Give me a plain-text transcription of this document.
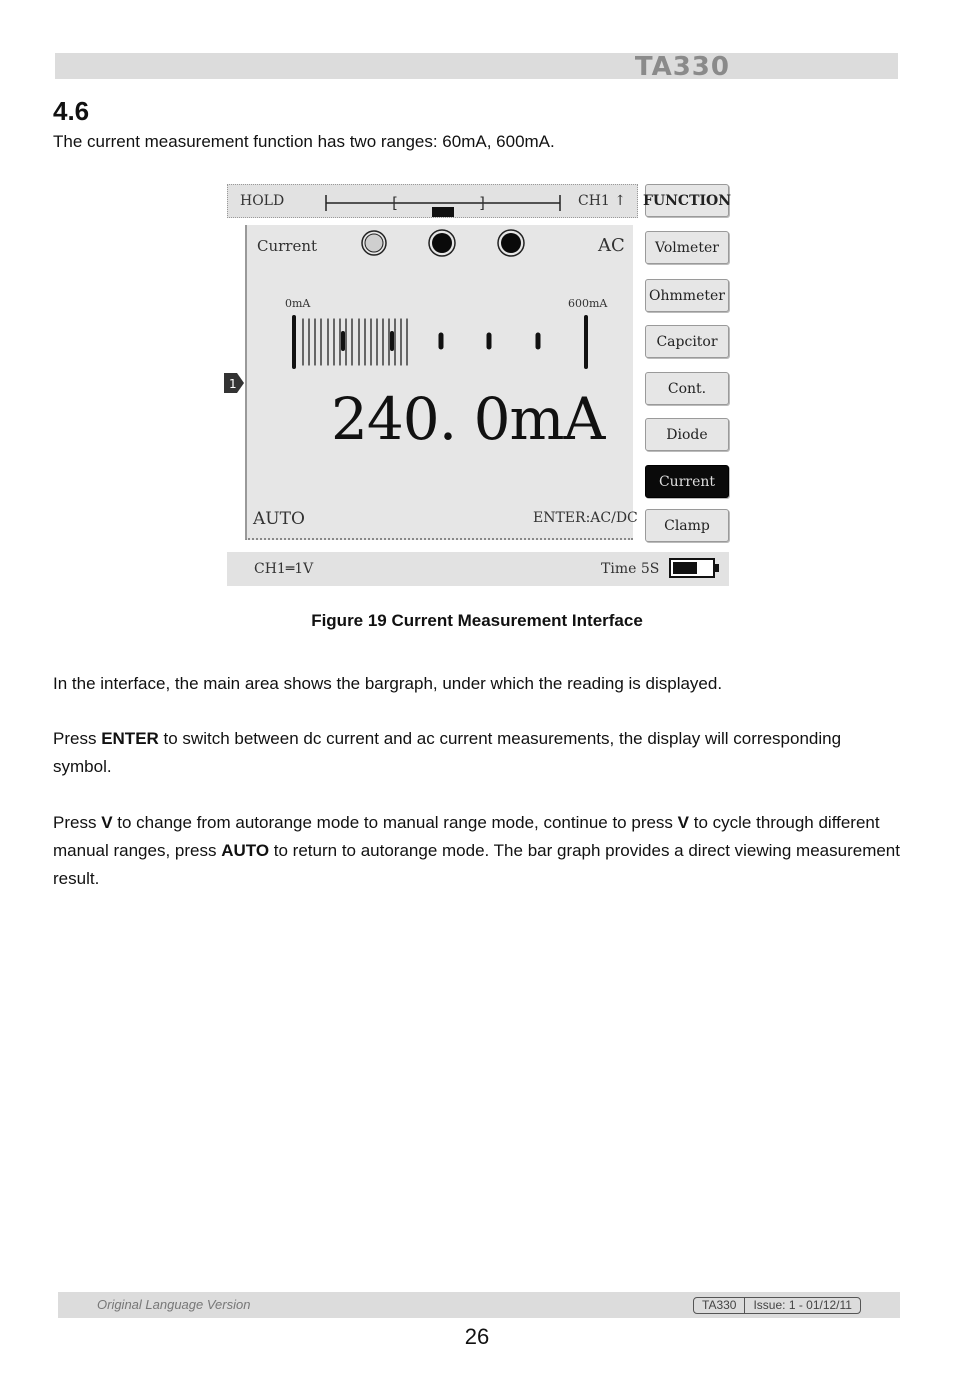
TA330
4.6
The current measurement function has two ranges: 60mA, 600mA.
HOLD	[	]	CH1 ↑
1
Current	AC
0mA	600mA
240. 0mA
AUTO	ENTER:AC/DC
FUNCTION
Volmeter
Ohmmeter
Capcitor
Cont.
Diode
Current
Clamp
CH1═1V	Time 5S
Figure 19 Current Measurement Interface
In the interface, the main area shows the bargraph, under which the reading is displayed.
Press ENTER to switch between dc current and ac current measurements, the display will corresponding symbol.
Press V to change from autorange mode to manual range mode, continue to press V to cycle through different manual ranges, press AUTO to return to autorange mode. The bar graph provides a direct viewing measurement result.
Original Language Version	TA330	Issue: 1 - 01/12/11
26
